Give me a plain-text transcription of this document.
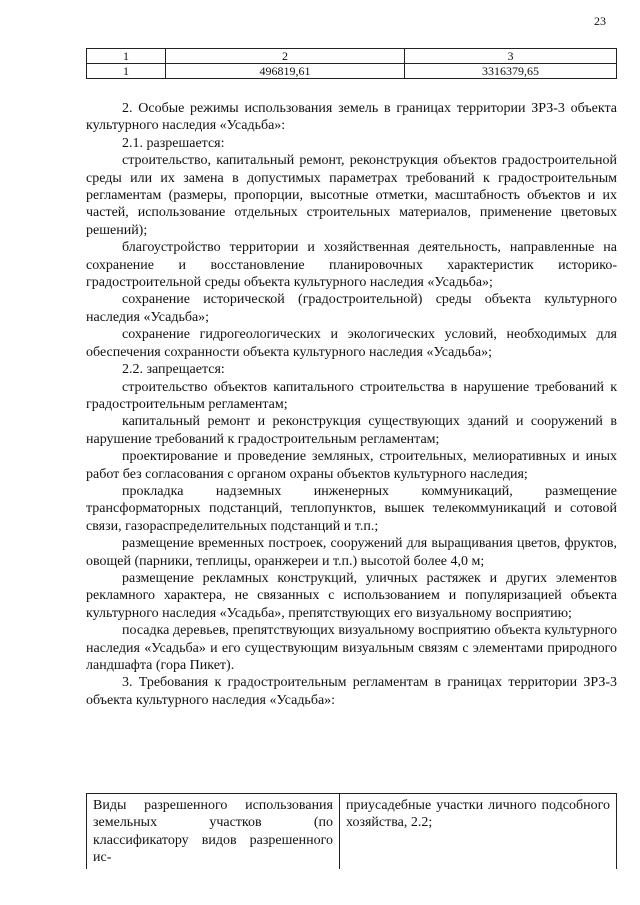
23
1	2	3
1	496819,61	3316379,65

2. Особые режимы использования земель в границах территории ЗРЗ-3 объекта культурного наследия «Усадьба»:

2.1. разрешается:

строительство, капитальный ремонт, реконструкция объектов градостроительной среды или их замена в допустимых параметрах требований к градостроительным регламентам (размеры, пропорции, высотные отметки, масштабность объектов и их частей, использование отдельных строительных материалов, применение цветовых решений);

благоустройство территории и хозяйственная деятельность, направленные на сохранение и восстановление планировочных характеристик историко-градостроительной среды объекта культурного наследия «Усадьба»;

сохранение исторической (градостроительной) среды объекта культурного наследия «Усадьба»;

сохранение гидрогеологических и экологических условий, необходимых для обеспечения сохранности объекта культурного наследия «Усадьба»;

2.2. запрещается:

строительство объектов капитального строительства в нарушение требований к градостроительным регламентам;

капитальный ремонт и реконструкция существующих зданий и сооружений в нарушение требований к градостроительным регламентам;

проектирование и проведение земляных, строительных, мелиоративных и иных работ без согласования с органом охраны объектов культурного наследия;

прокладка надземных инженерных коммуникаций, размещение трансформаторных подстанций, теплопунктов, вышек телекоммуникаций и сотовой связи, газораспределительных подстанций и т.п.;

размещение временных построек, сооружений для выращивания цветов, фруктов, овощей (парники, теплицы, оранжереи и т.п.) высотой более 4,0 м;

размещение рекламных конструкций, уличных растяжек и других элементов рекламного характера, не связанных с использованием и популяризацией объекта культурного наследия «Усадьба», препятствующих его визуальному восприятию;

посадка деревьев, препятствующих визуальному восприятию объекта культурного наследия «Усадьба» и его существующим визуальным связям с элементами природного ландшафта (гора Пикет).

3. Требования к градостроительным регламентам в границах территории ЗРЗ-3 объекта культурного наследия «Усадьба»:

Виды разрешенного использования земельных участков (по классификатору видов разрешенного ис-	приусадебные участки личного подсобного хозяйства, 2.2;
